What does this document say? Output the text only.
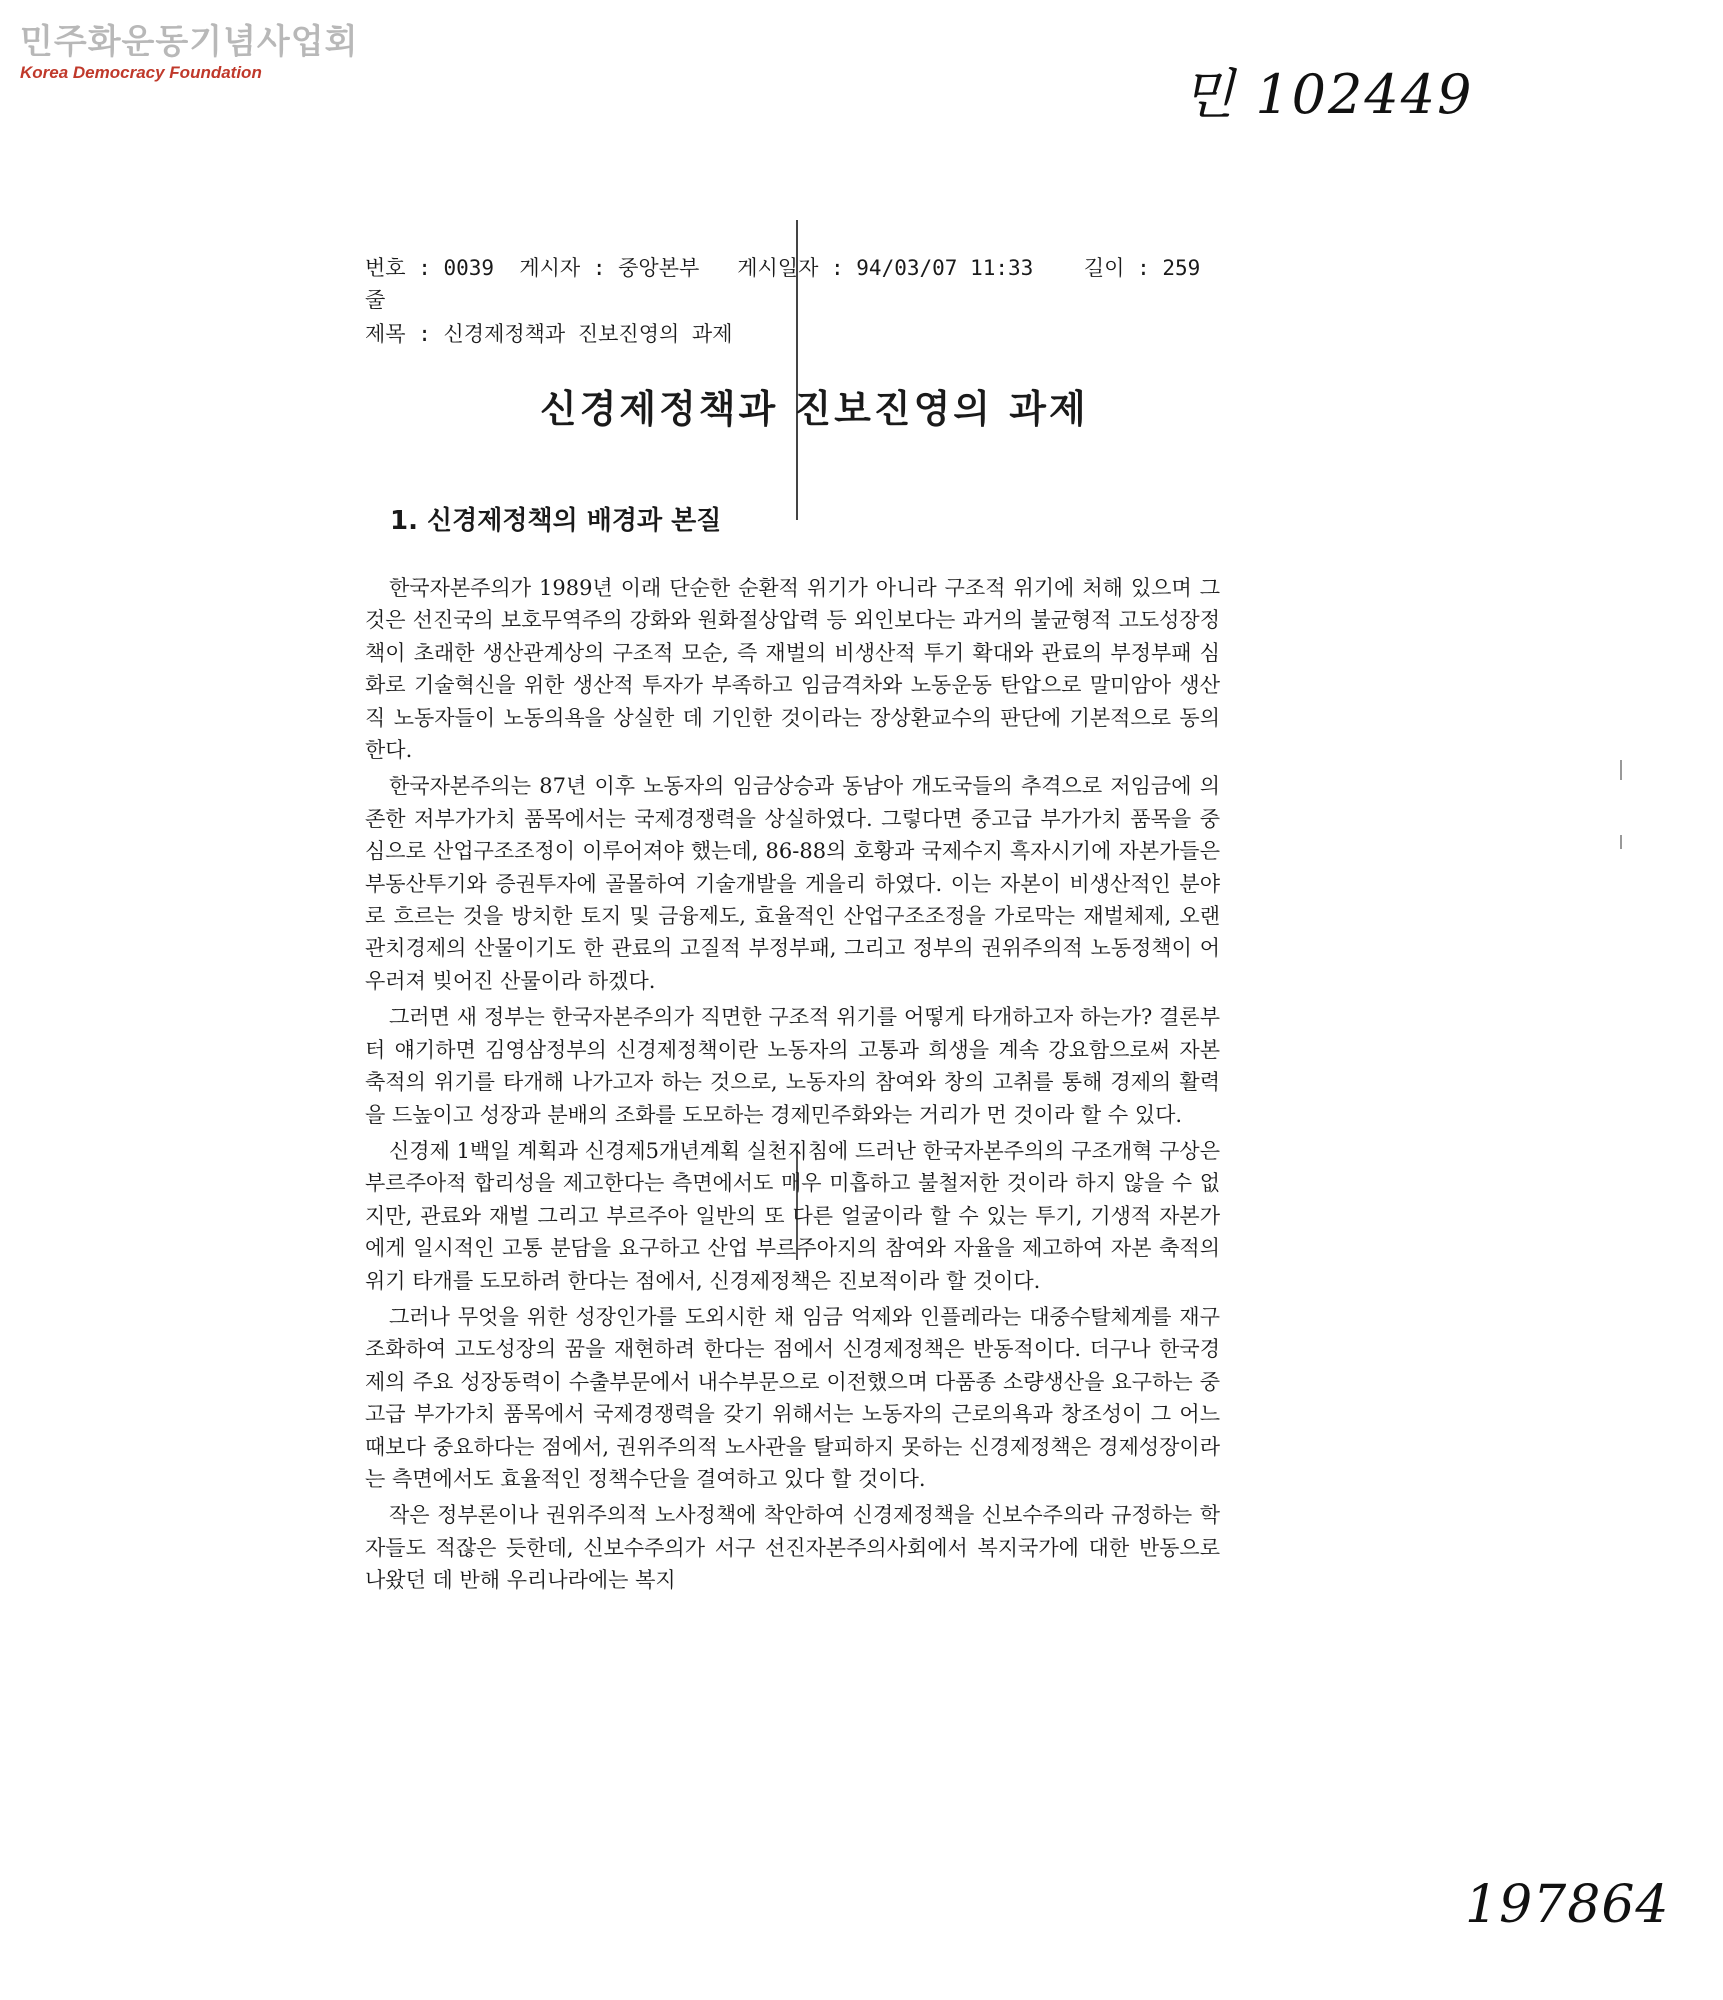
민주화운동기념사업회
Korea Democracy Foundation	민 102449
번호 : 0039  게시자 : 중앙본부   게시일자 : 94/03/07 11:33    길이 : 259
줄
제목 : 신경제정책과 진보진영의 과제
신경제정책과 진보진영의 과제
1. 신경제정책의 배경과 본질

한국자본주의가 1989년 이래 단순한 순환적 위기가 아니라 구조적 위기에 처해 있으며 그것은 선진국의 보호무역주의 강화와 원화절상압력 등 외인보다는 과거의 불균형적 고도성장정책이 초래한 생산관계상의 구조적 모순, 즉 재벌의 비생산적 투기 확대와 관료의 부정부패 심화로 기술혁신을 위한 생산적 투자가 부족하고 임금격차와 노동운동 탄압으로 말미암아 생산직 노동자들이 노동의욕을 상실한 데 기인한 것이라는 장상환교수의 판단에 기본적으로 동의한다.

한국자본주의는 87년 이후 노동자의 임금상승과 동남아 개도국들의 추격으로 저임금에 의존한 저부가가치 품목에서는 국제경쟁력을 상실하였다. 그렇다면 중고급 부가가치 품목을 중심으로 산업구조조정이 이루어져야 했는데, 86-88의 호황과 국제수지 흑자시기에 자본가들은 부동산투기와 증권투자에 골몰하여 기술개발을 게을리 하였다. 이는 자본이 비생산적인 분야로 흐르는 것을 방치한 토지 및 금융제도, 효율적인 산업구조조정을 가로막는 재벌체제, 오랜 관치경제의 산물이기도 한 관료의 고질적 부정부패, 그리고 정부의 권위주의적 노동정책이 어우러져 빚어진 산물이라 하겠다.

그러면 새 정부는 한국자본주의가 직면한 구조적 위기를 어떻게 타개하고자 하는가? 결론부터 얘기하면 김영삼정부의 신경제정책이란 노동자의 고통과 희생을 계속 강요함으로써 자본 축적의 위기를 타개해 나가고자 하는 것으로, 노동자의 참여와 창의 고취를 통해 경제의 활력을 드높이고 성장과 분배의 조화를 도모하는 경제민주화와는 거리가 먼 것이라 할 수 있다.

신경제 1백일 계획과 신경제5개년계획 실천지침에 드러난 한국자본주의의 구조개혁 구상은 부르주아적 합리성을 제고한다는 측면에서도 매우 미흡하고 불철저한 것이라 하지 않을 수 없지만, 관료와 재벌 그리고 부르주아 일반의 또 다른 얼굴이라 할 수 있는 투기, 기생적 자본가에게 일시적인 고통 분담을 요구하고 산업 부르주아지의 참여와 자율을 제고하여 자본 축적의 위기 타개를 도모하려 한다는 점에서, 신경제정책은 진보적이라 할 것이다.

그러나 무엇을 위한 성장인가를 도외시한 채 임금 억제와 인플레라는 대중수탈체계를 재구조화하여 고도성장의 꿈을 재현하려 한다는 점에서 신경제정책은 반동적이다. 더구나 한국경제의 주요 성장동력이 수출부문에서 내수부문으로 이전했으며 다품종 소량생산을 요구하는 중 고급 부가가치 품목에서 국제경쟁력을 갖기 위해서는 노동자의 근로의욕과 창조성이 그 어느 때보다 중요하다는 점에서, 권위주의적 노사관을 탈피하지 못하는 신경제정책은 경제성장이라는 측면에서도 효율적인 정책수단을 결여하고 있다 할 것이다.

작은 정부론이나 권위주의적 노사정책에 착안하여 신경제정책을 신보수주의라 규정하는 학자들도 적잖은 듯한데, 신보수주의가 서구 선진자본주의사회에서 복지국가에 대한 반동으로 나왔던 데 반해 우리나라에는 복지

197864
